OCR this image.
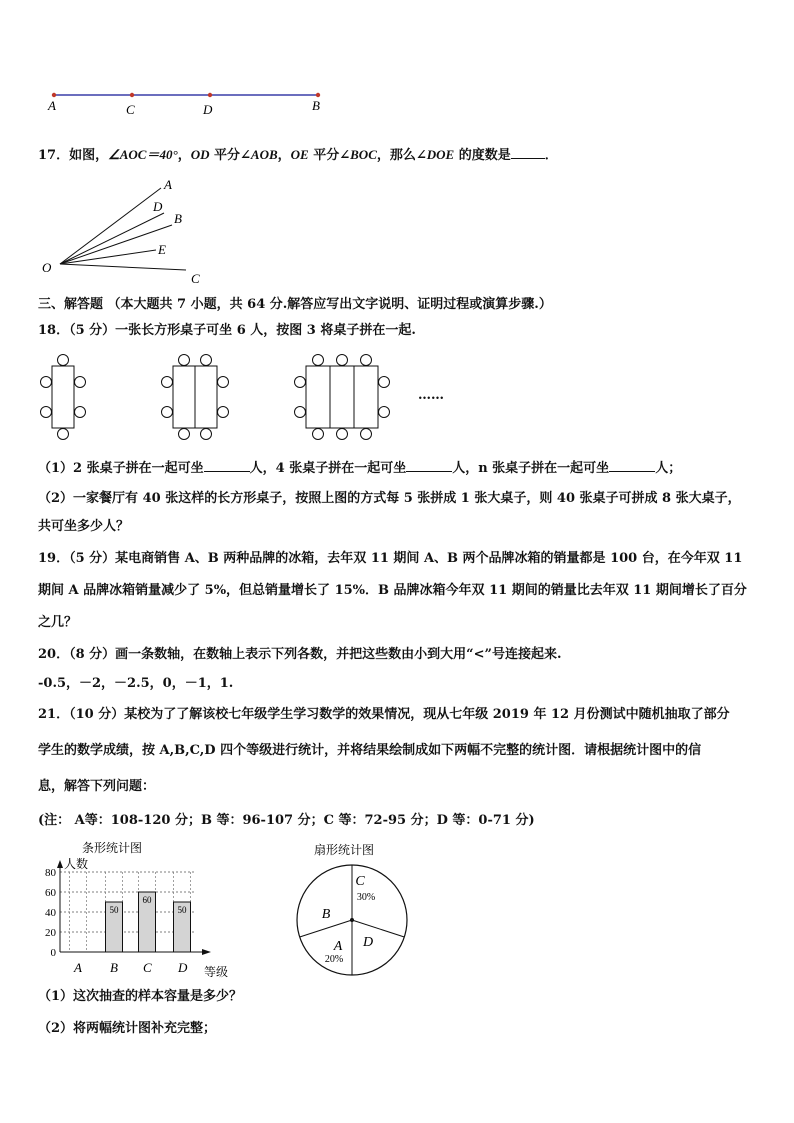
A	C	D	B
17．如图，∠AOC＝40°，OD 平分∠AOB，OE 平分∠BOC，那么∠DOE 的度数是	．
A
D
B
E
C
O
三、解答题 （本大题共 7 小题，共 64 分.解答应写出文字说明、证明过程或演算步骤.）
18．（5 分）一张长方形桌子可坐 6 人，按图 3 将桌子拼在一起.
……
（1）2 张桌子拼在一起可坐	人，4 张桌子拼在一起可坐	人，n 张桌子拼在一起可坐	人；
（2）一家餐厅有 40 张这样的长方形桌子，按照上图的方式每 5 张拼成 1 张大桌子，则 40 张桌子可拼成 8 张大桌子，
共可坐多少人？
19．（5 分）某电商销售 A、B 两种品牌的冰箱，去年双 11 期间 A、B 两个品牌冰箱的销量都是 100 台，在今年双 11
期间 A 品牌冰箱销量减少了 5%，但总销量增长了 15%．B 品牌冰箱今年双 11 期间的销量比去年双 11 期间增长了百分
之几？
20．（8 分）画一条数轴，在数轴上表示下列各数，并把这些数由小到大用“<”号连接起来.
-0.5，－2，－2.5，0，－1，1.
21．（10 分）某校为了了解该校七年级学生学习数学的效果情况，现从七年级 2019 年 12 月份测试中随机抽取了部分
学生的数学成绩，按 A,B,C,D 四个等级进行统计，并将结果绘制成如下两幅不完整的统计图．请根据统计图中的信
息，解答下列问题：
(注： A等：108-120 分；B 等：96-107 分；C 等：72-95 分；D 等：0-71 分)
条形统计图
人数
0
20
40
60
80
等级
A B
50
C
60
D
50
扇形统计图
C
30%
D
A
20%
B
（1）这次抽查的样本容量是多少？
（2）将两幅统计图补充完整；
